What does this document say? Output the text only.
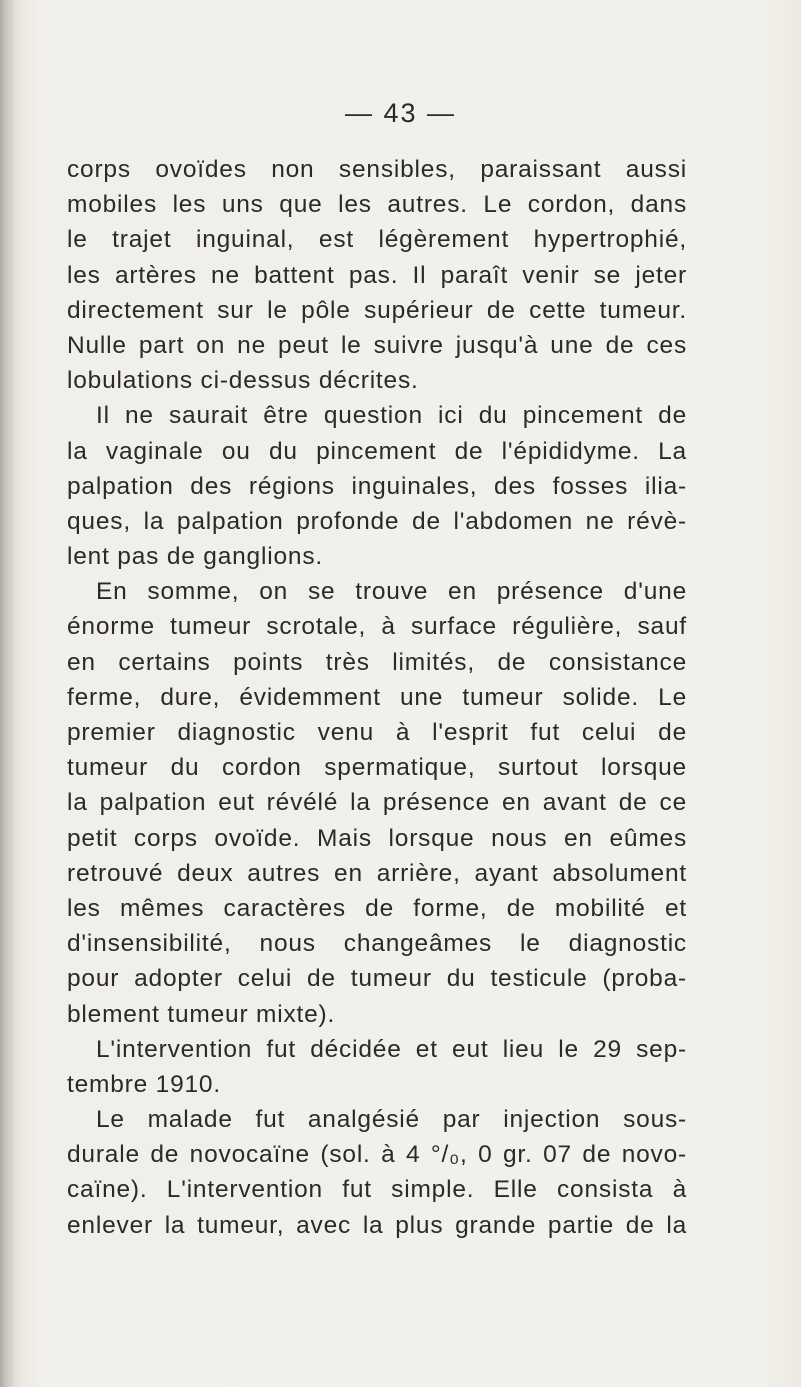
— 43 —
corps ovoïdes non sensibles, paraissant aussi
mobiles les uns que les autres. Le cordon, dans
le trajet inguinal, est légèrement hypertrophié,
les artères ne battent pas. Il paraît venir se jeter
directement sur le pôle supérieur de cette tumeur.
Nulle part on ne peut le suivre jusqu'à une de ces
lobulations ci-dessus décrites.
Il ne saurait être question ici du pincement de
la vaginale ou du pincement de l'épididyme. La
palpation des régions inguinales, des fosses ilia-
ques, la palpation profonde de l'abdomen ne révè-
lent pas de ganglions.
En somme, on se trouve en présence d'une
énorme tumeur scrotale, à surface régulière, sauf
en certains points très limités, de consistance
ferme, dure, évidemment une tumeur solide. Le
premier diagnostic venu à l'esprit fut celui de
tumeur du cordon spermatique, surtout lorsque
la palpation eut révélé la présence en avant de ce
petit corps ovoïde. Mais lorsque nous en eûmes
retrouvé deux autres en arrière, ayant absolument
les mêmes caractères de forme, de mobilité et
d'insensibilité, nous changeâmes le diagnostic
pour adopter celui de tumeur du testicule (proba-
blement tumeur mixte).
L'intervention fut décidée et eut lieu le 29 sep-
tembre 1910.
Le malade fut analgésié par injection sous-
durale de novocaïne (sol. à 4 °/₀, 0 gr. 07 de novo-
caïne). L'intervention fut simple. Elle consista à
enlever la tumeur, avec la plus grande partie de la
